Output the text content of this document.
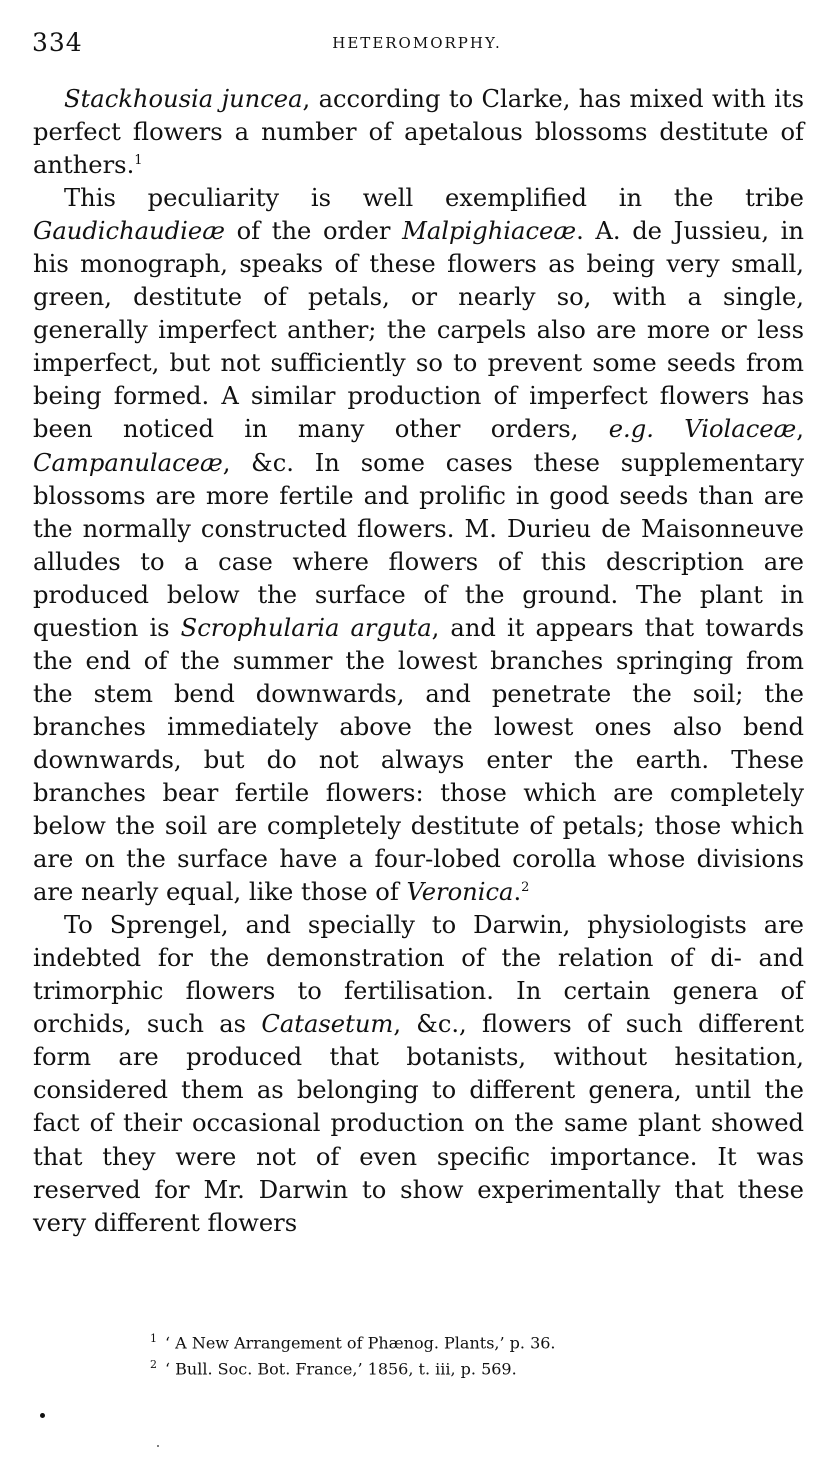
334	HETEROMORPHY.

Stackhousia juncea, according to Clarke, has mixed with its perfect flowers a number of apetalous blossoms destitute of anthers.$^1$

This peculiarity is well exemplified in the tribe Gaudichaudieæ of the order Malpighiaceæ. A. de Jussieu, in his monograph, speaks of these flowers as being very small, green, destitute of petals, or nearly so, with a single, generally imperfect anther; the carpels also are more or less imperfect, but not sufficiently so to prevent some seeds from being formed. A similar production of imperfect flowers has been noticed in many other orders, e.g. Violaceæ, Campanulaceæ, &c. In some cases these supplementary blossoms are more fertile and prolific in good seeds than are the normally constructed flowers. M. Durieu de Maisonneuve alludes to a case where flowers of this description are produced below the surface of the ground. The plant in question is Scrophularia arguta, and it appears that towards the end of the summer the lowest branches springing from the stem bend downwards, and penetrate the soil; the branches immediately above the lowest ones also bend downwards, but do not always enter the earth. These branches bear fertile flowers: those which are completely below the soil are completely destitute of petals; those which are on the surface have a four-lobed corolla whose divisions are nearly equal, like those of Veronica.$^2$

To Sprengel, and specially to Darwin, physiologists are indebted for the demonstration of the relation of di- and trimorphic flowers to fertilisation. In certain genera of orchids, such as Catasetum, &c., flowers of such different form are produced that botanists, without hesitation, considered them as belonging to different genera, until the fact of their occasional production on the same plant showed that they were not of even specific importance. It was reserved for Mr. Darwin to show experimentally that these very different flowers

$^1$ ‘ A New Arrangement of Phænog. Plants,’ p. 36.
$^2$ ‘ Bull. Soc. Bot. France,’ 1856, t. iii, p. 569.
